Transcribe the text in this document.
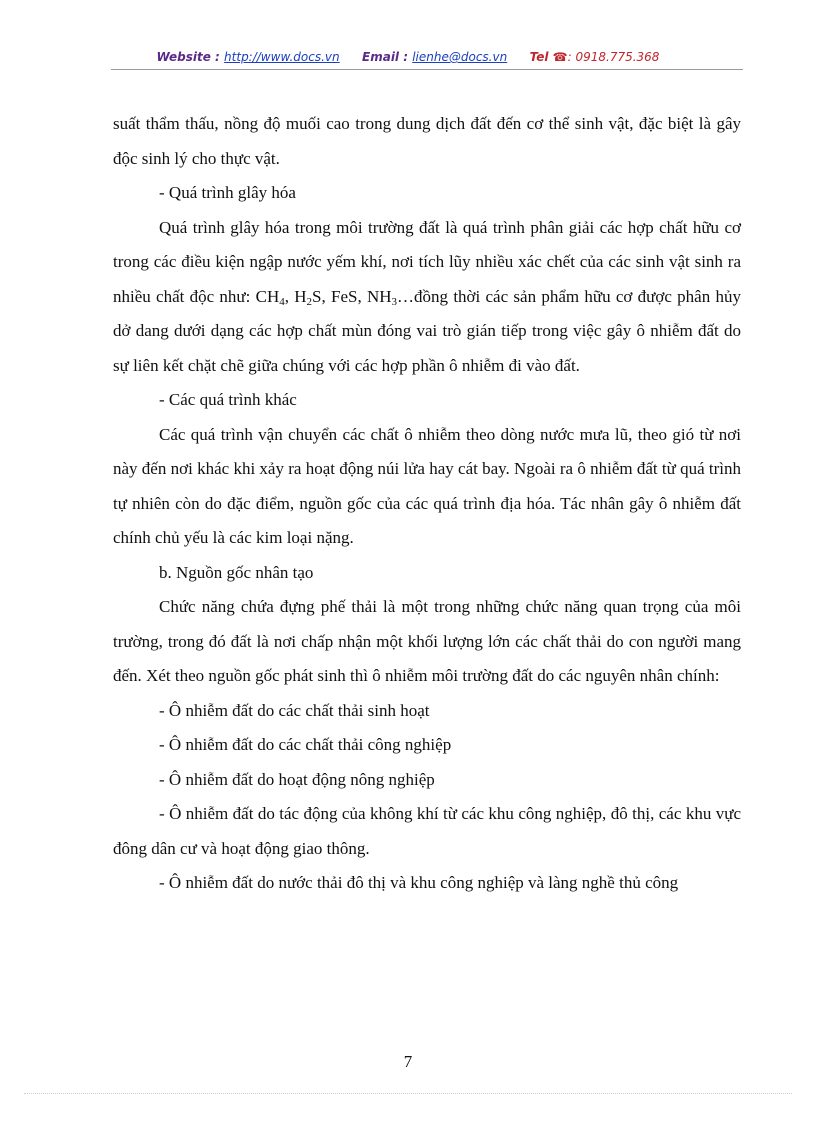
Website : http://www.docs.vn Email : lienhe@docs.vn Tel ☎: 0918.775.368

suất thẩm thấu, nồng độ muối cao trong dung dịch đất đến cơ thể sinh vật, đặc biệt là gây độc sinh lý cho thực vật.

- Quá trình glây hóa

Quá trình glây hóa trong môi trường đất là quá trình phân giải các hợp chất hữu cơ trong các điều kiện ngập nước yếm khí, nơi tích lũy nhiều xác chết của các sinh vật sinh ra nhiều chất độc như: $CH_4$, $H_2S$, FeS, $NH_3\dots đồng$ thời các sản phẩm hữu cơ được phân hủy dở dang dưới dạng các hợp chất mùn đóng vai trò gián tiếp trong việc gây ô nhiễm đất do sự liên kết chặt chẽ giữa chúng với các hợp phần ô nhiễm đi vào đất.

- Các quá trình khác

Các quá trình vận chuyển các chất ô nhiễm theo dòng nước mưa lũ, theo gió từ nơi này đến nơi khác khi xảy ra hoạt động núi lửa hay cát bay. Ngoài ra ô nhiễm đất từ quá trình tự nhiên còn do đặc điểm, nguồn gốc của các quá trình địa hóa. Tác nhân gây ô nhiễm đất chính chủ yếu là các kim loại nặng.

b. Nguồn gốc nhân tạo

Chức năng chứa đựng phế thải là một trong những chức năng quan trọng của môi trường, trong đó đất là nơi chấp nhận một khối lượng lớn các chất thải do con người mang đến. Xét theo nguồn gốc phát sinh thì ô nhiễm môi trường đất do các nguyên nhân chính:

- Ô nhiễm đất do các chất thải sinh hoạt

- Ô nhiễm đất do các chất thải công nghiệp

- Ô nhiễm đất do hoạt động nông nghiệp

- Ô nhiễm đất do tác động của không khí từ các khu công nghiệp, đô thị, các khu vực đông dân cư và hoạt động giao thông.

- Ô nhiễm đất do nước thải đô thị và khu công nghiệp và làng nghề thủ công

7
